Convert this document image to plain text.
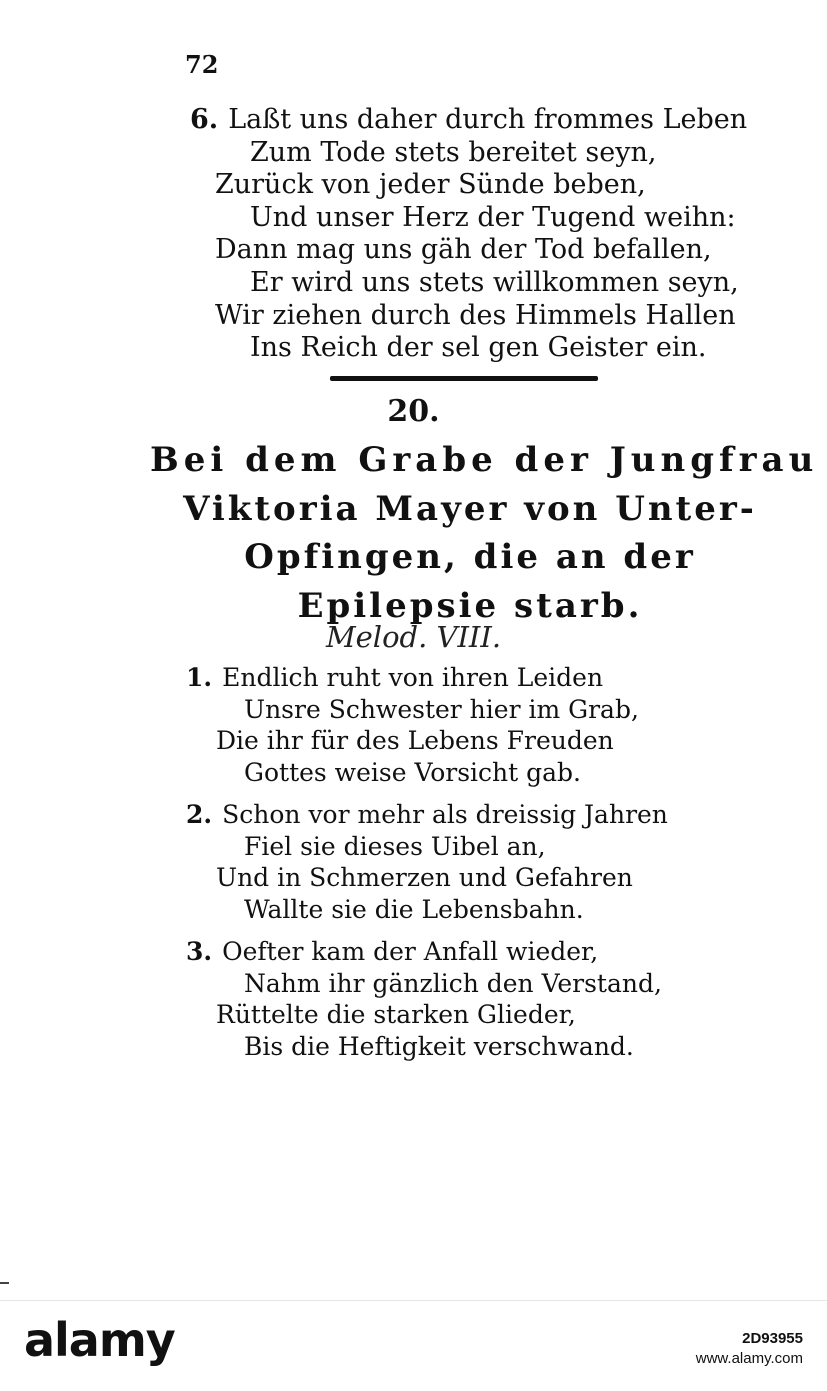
72
6. Laßt uns daher durch frommes Leben
Zum Tode stets bereitet seyn,
Zurück von jeder Sünde beben,
Und unser Herz der Tugend weihn:
Dann mag uns gäh der Tod befallen,
Er wird uns stets willkommen seyn,
Wir ziehen durch des Himmels Hallen
Ins Reich der sel gen Geister ein.
20.
Bei dem Grabe der Jungfrau
Viktoria Mayer von Unter-
Opfingen, die an der
Epilepsie starb.
Melod. VIII.
1. Endlich ruht von ihren Leiden
Unsre Schwester hier im Grab,
Die ihr für des Lebens Freuden
Gottes weise Vorsicht gab.
2. Schon vor mehr als dreissig Jahren
Fiel sie dieses Uibel an,
Und in Schmerzen und Gefahren
Wallte sie die Lebensbahn.
3. Oefter kam der Anfall wieder,
Nahm ihr gänzlich den Verstand,
Rüttelte die starken Glieder,
Bis die Heftigkeit verschwand.
alamy	2D93955
www.alamy.com
